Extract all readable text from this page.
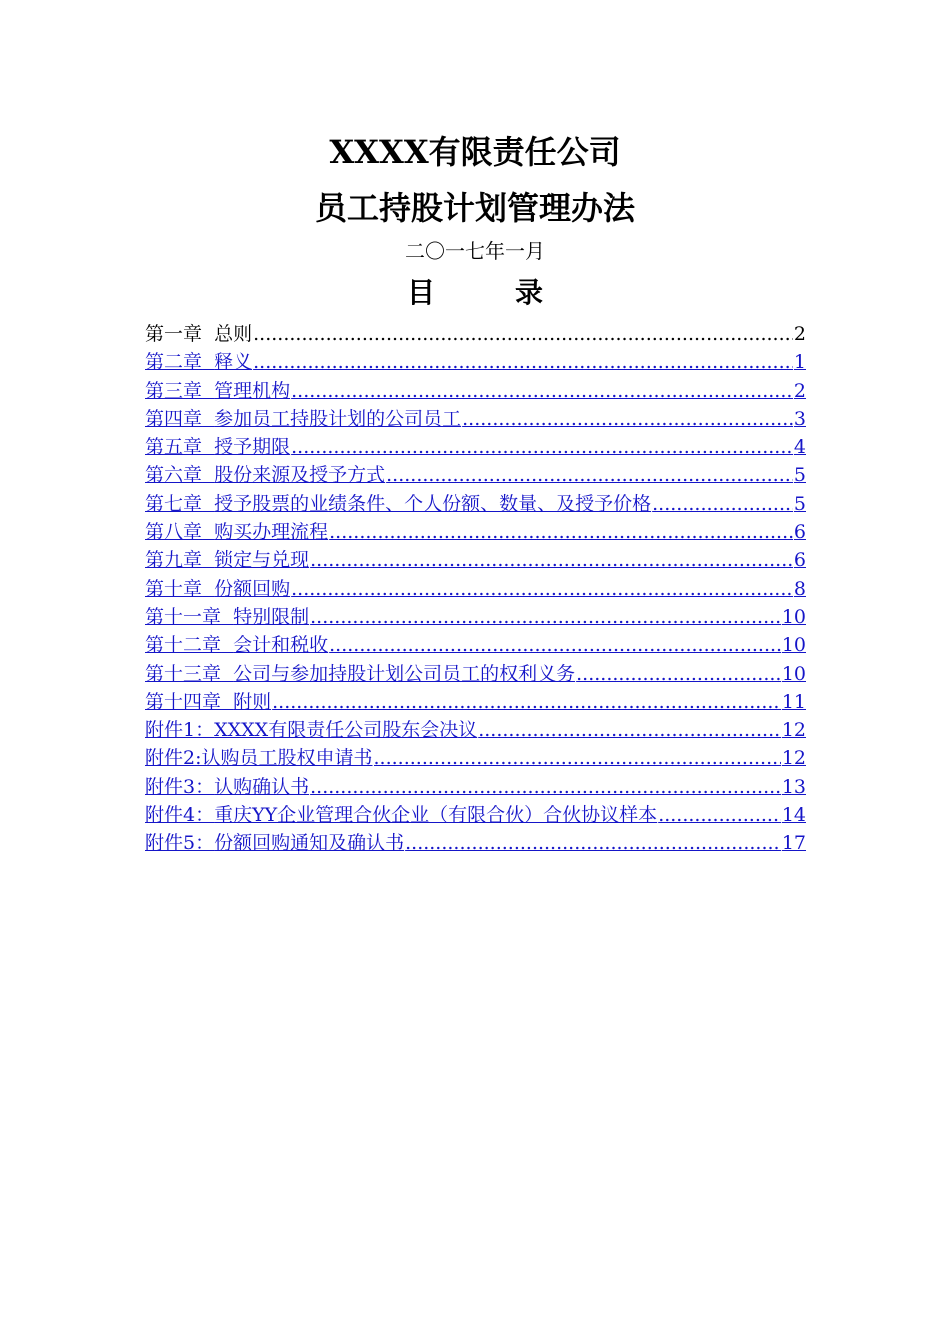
XXXX有限责任公司
员工持股计划管理办法
二〇一七年一月
目	录
第一章 总则 .....	2
第二章 释义 .....	1
第三章 管理机构 .....	2
第四章 参加员工持股计划的公司员工 .....	3
第五章 授予期限 .....	4
第六章 股份来源及授予方式 .....	5
第七章 授予股票的业绩条件、个人份额、数量、及授予价格 .....	5
第八章 购买办理流程 .....	6
第九章 锁定与兑现 .....	6
第十章 份额回购 .....	8
第十一章 特别限制 .....	10
第十二章 会计和税收 .....	10
第十三章 公司与参加持股计划公司员工的权利义务 .....	10
第十四章 附则 .....	11
附件1：XXXX有限责任公司股东会决议 .....	12
附件2:认购员工股权申请书 .....	12
附件3：认购确认书 .....	13
附件4：重庆YY企业管理合伙企业（有限合伙）合伙协议样本 .....	14
附件5：份额回购通知及确认书 .....	17
